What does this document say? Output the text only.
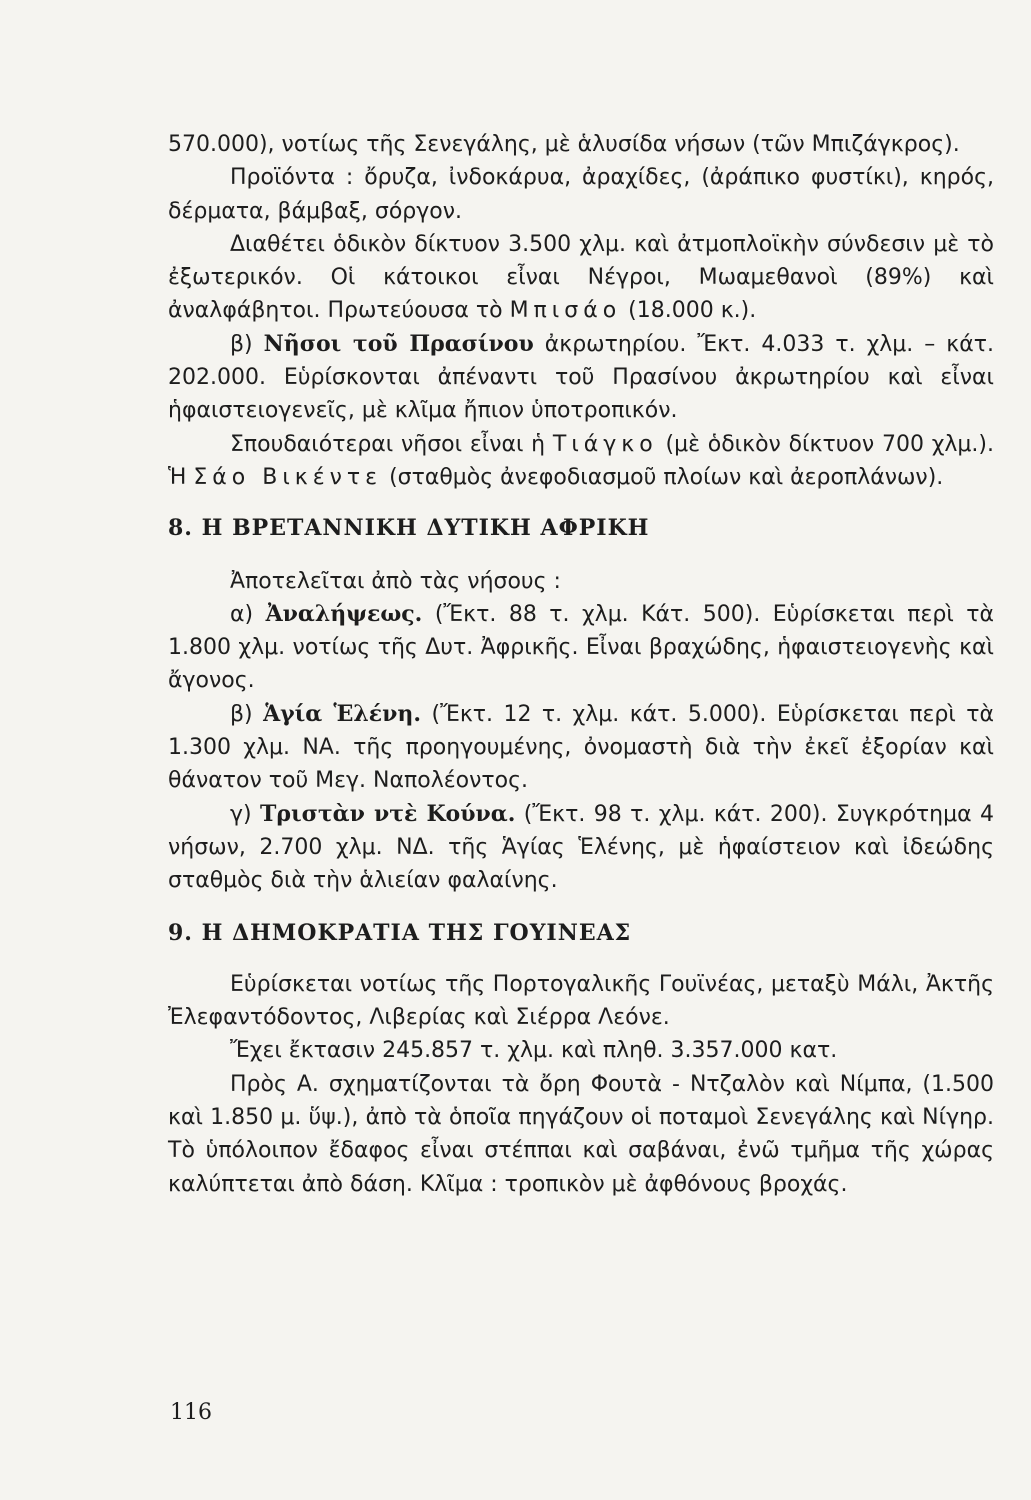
570.000), νοτίως τῆς Σενεγάλης, μὲ ἁλυσίδα νήσων (τῶν Μπιζάγκρος).

Προϊόντα : ὄρυζα, ἰνδοκάρυα, ἀραχίδες, (ἀράπικο φυστίκι), κηρός, δέρματα, βάμβαξ, σόργον.

Διαθέτει ὁδικὸν δίκτυον 3.500 χλμ. καὶ ἀτμοπλοϊκὴν σύνδεσιν μὲ τὸ ἐξωτερικόν. Οἱ κάτοικοι εἶναι Νέγροι, Μωαμεθανοὶ (89%) καὶ ἀναλφάβητοι. Πρωτεύουσα τὸ Μπισάο (18.000 κ.).

β) Νῆσοι τοῦ Πρασίνου ἀκρωτηρίου. Ἔκτ. 4.033 τ. χλμ. – κάτ. 202.000. Εὑρίσκονται ἀπέναντι τοῦ Πρασίνου ἀκρωτηρίου καὶ εἶναι ἡφαιστειογενεῖς, μὲ κλῖμα ἤπιον ὑποτροπικόν.

Σπουδαιότεραι νῆσοι εἶναι ἡ Τιάγκο (μὲ ὁδικὸν δίκτυον 700 χλμ.). Ἡ Σάο Βικέντε (σταθμὸς ἀνεφοδιασμοῦ πλοίων καὶ ἀεροπλάνων).

8. Η ΒΡΕΤΑΝΝΙΚΗ ΔΥΤΙΚΗ ΑΦΡΙΚΗ

Ἀποτελεῖται ἀπὸ τὰς νήσους :

α) Ἀναλήψεως. (Ἔκτ. 88 τ. χλμ. Κάτ. 500). Εὑρίσκεται περὶ τὰ 1.800 χλμ. νοτίως τῆς Δυτ. Ἀφρικῆς. Εἶναι βραχώδης, ἡφαιστειογενὴς καὶ ἄγονος.

β) Ἁγία Ἑλένη. (Ἔκτ. 12 τ. χλμ. κάτ. 5.000). Εὑρίσκεται περὶ τὰ 1.300 χλμ. ΝΑ. τῆς προηγουμένης, ὀνομαστὴ διὰ τὴν ἐκεῖ ἐξορίαν καὶ θάνατον τοῦ Μεγ. Ναπολέοντος.

γ) Τριστὰν ντὲ Κούνα. (Ἔκτ. 98 τ. χλμ. κάτ. 200). Συγκρότημα 4 νήσων, 2.700 χλμ. ΝΔ. τῆς Ἁγίας Ἑλένης, μὲ ἡφαίστειον καὶ ἰδεώδης σταθμὸς διὰ τὴν ἁλιείαν φαλαίνης.

9. Η ΔΗΜΟΚΡΑΤΙΑ ΤΗΣ ΓΟΥΙΝΕΑΣ

Εὑρίσκεται νοτίως τῆς Πορτογαλικῆς Γουϊνέας, μεταξὺ Μάλι, Ἀκτῆς Ἐλεφαντόδοντος, Λιβερίας καὶ Σιέρρα Λεόνε.

Ἔχει ἔκτασιν 245.857 τ. χλμ. καὶ πληθ. 3.357.000 κατ.

Πρὸς Α. σχηματίζονται τὰ ὄρη Φουτὰ - Ντζαλὸν καὶ Νίμπα, (1.500 καὶ 1.850 μ. ὕψ.), ἀπὸ τὰ ὁποῖα πηγάζουν οἱ ποταμοὶ Σενεγάλης καὶ Νίγηρ. Τὸ ὑπόλοιπον ἔδαφος εἶναι στέππαι καὶ σαβάναι, ἐνῶ τμῆμα τῆς χώρας καλύπτεται ἀπὸ δάση. Κλῖμα : τροπικὸν μὲ ἀφθόνους βροχάς.

116
